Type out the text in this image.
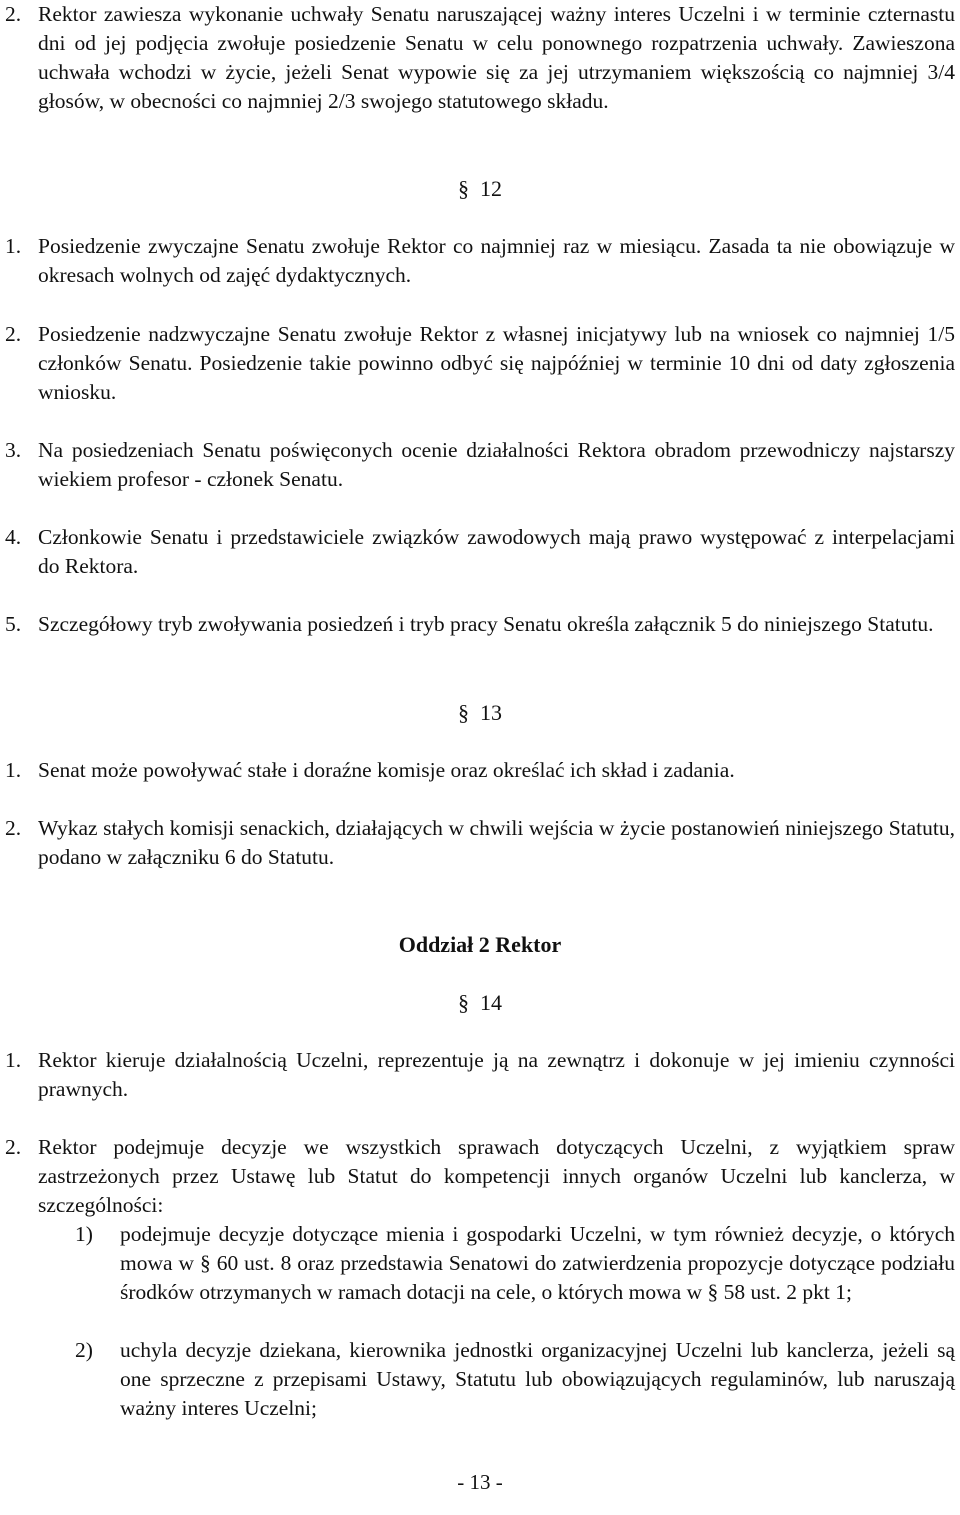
2. Rektor zawiesza wykonanie uchwały Senatu naruszającej ważny interes Uczelni i w terminie czternastu dni od jej podjęcia zwołuje posiedzenie Senatu w celu ponownego rozpatrzenia uchwały. Zawieszona uchwała wchodzi w życie, jeżeli Senat wypowie się za jej utrzymaniem większością co najmniej 3/4 głosów, w obecności co najmniej 2/3 swojego statutowego składu.
§ 12
1. Posiedzenie zwyczajne Senatu zwołuje Rektor co najmniej raz w miesiącu. Zasada ta nie obowiązuje w okresach wolnych od zajęć dydaktycznych.
2. Posiedzenie nadzwyczajne Senatu zwołuje Rektor z własnej inicjatywy lub na wniosek co najmniej 1/5 członków Senatu. Posiedzenie takie powinno odbyć się najpóźniej w terminie 10 dni od daty zgłoszenia wniosku.
3. Na posiedzeniach Senatu poświęconych ocenie działalności Rektora obradom przewodniczy najstarszy wiekiem profesor - członek Senatu.
4. Członkowie Senatu i przedstawiciele związków zawodowych mają prawo występować z interpelacjami do Rektora.
5. Szczegółowy tryb zwoływania posiedzeń i tryb pracy Senatu określa załącznik 5 do niniejszego Statutu.
§ 13
1. Senat może powoływać stałe i doraźne komisje oraz określać ich skład i zadania.
2. Wykaz stałych komisji senackich, działających w chwili wejścia w życie postanowień niniejszego Statutu, podano w załączniku 6 do Statutu.
Oddział 2 Rektor
§ 14
1. Rektor kieruje działalnością Uczelni, reprezentuje ją na zewnątrz i dokonuje w jej imieniu czynności prawnych.
2. Rektor podejmuje decyzje we wszystkich sprawach dotyczących Uczelni, z wyjątkiem spraw zastrzeżonych przez Ustawę lub Statut do kompetencji innych organów Uczelni lub kanclerza, w szczególności:
1) podejmuje decyzje dotyczące mienia i gospodarki Uczelni, w tym również decyzje, o których mowa w § 60 ust. 8 oraz przedstawia Senatowi do zatwierdzenia propozycje dotyczące podziału środków otrzymanych w ramach dotacji na cele, o których mowa w § 58 ust. 2 pkt 1;
2) uchyla decyzje dziekana, kierownika jednostki organizacyjnej Uczelni lub kanclerza, jeżeli są one sprzeczne z przepisami Ustawy, Statutu lub obowiązujących regulaminów, lub naruszają ważny interes Uczelni;
- 13 -
